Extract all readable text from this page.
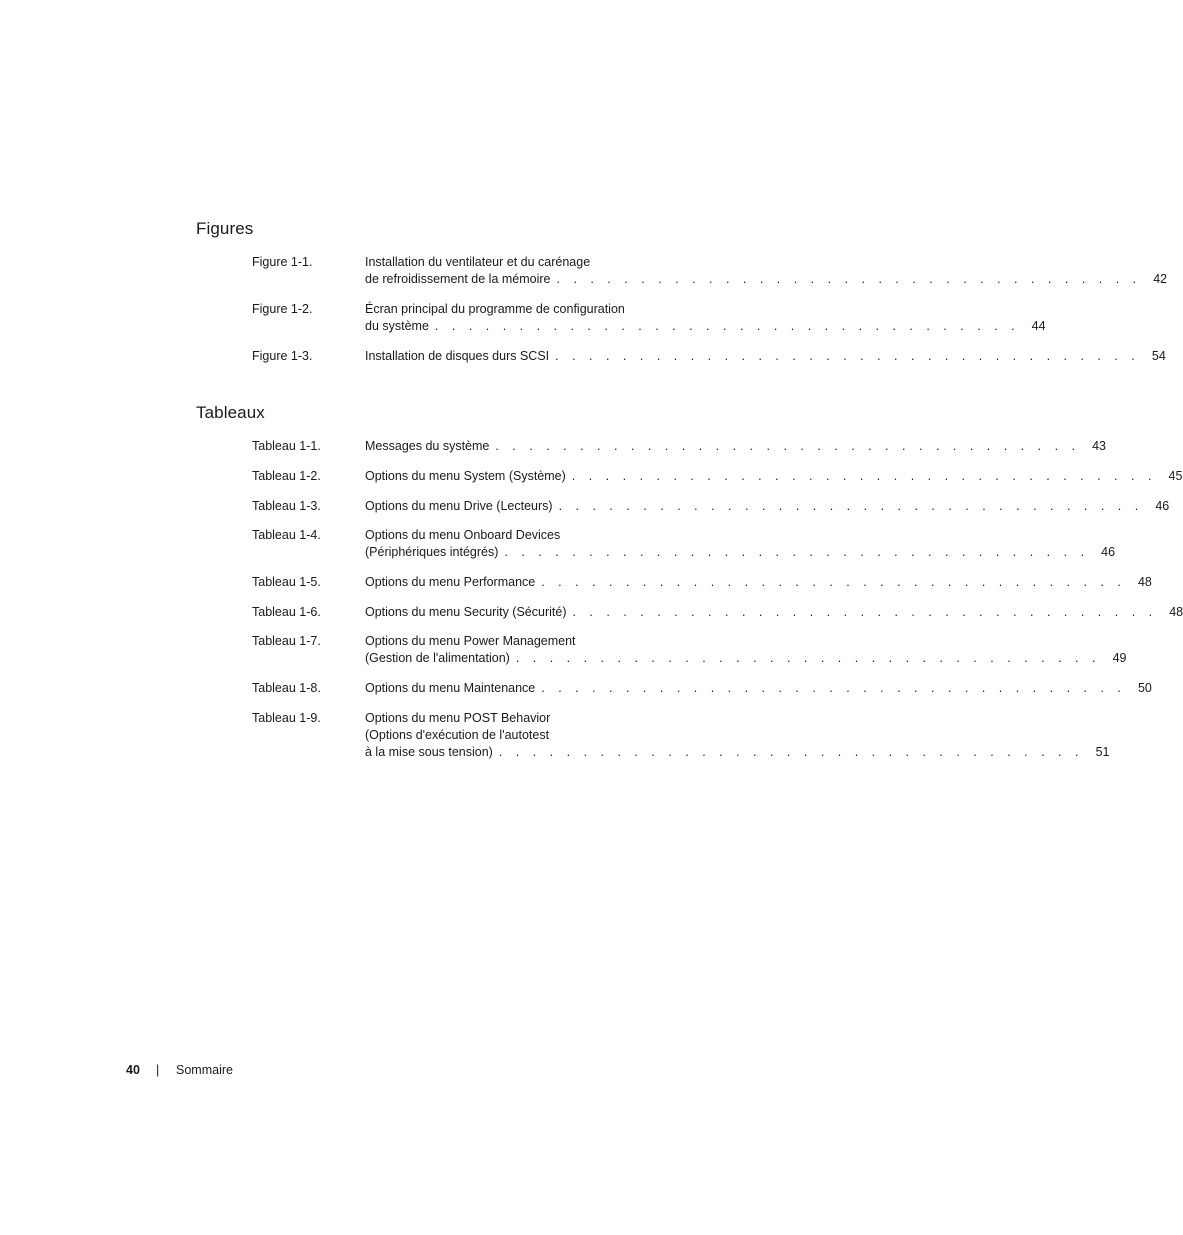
Figures
Figure 1-1.	Installation du ventilateur et du carénage
de refroidissement de la mémoire . . . . . . . . . . . . . . . . . . . . . . . . . . . . . . . . . . . 42
Figure 1-2.	Écran principal du programme de configuration
du système . . . . . . . . . . . . . . . . . . . . . . . . . . . . . . . . . . . 44
Figure 1-3.	Installation de disques durs SCSI . . . . . . . . . . . . . . . . . . . . . . . . . . . . . . . . . . . 54
Tableaux
Tableau 1-1.	Messages du système . . . . . . . . . . . . . . . . . . . . . . . . . . . . . . . . . . . 43
Tableau 1-2.	Options du menu System (Système) . . . . . . . . . . . . . . . . . . . . . . . . . . . . . . . . . . . 45
Tableau 1-3.	Options du menu Drive (Lecteurs) . . . . . . . . . . . . . . . . . . . . . . . . . . . . . . . . . . . 46
Tableau 1-4.	Options du menu Onboard Devices
(Périphériques intégrés) . . . . . . . . . . . . . . . . . . . . . . . . . . . . . . . . . . . 46
Tableau 1-5.	Options du menu Performance . . . . . . . . . . . . . . . . . . . . . . . . . . . . . . . . . . . 48
Tableau 1-6.	Options du menu Security (Sécurité) . . . . . . . . . . . . . . . . . . . . . . . . . . . . . . . . . . . 48
Tableau 1-7.	Options du menu Power Management
(Gestion de l'alimentation) . . . . . . . . . . . . . . . . . . . . . . . . . . . . . . . . . . . 49
Tableau 1-8.	Options du menu Maintenance . . . . . . . . . . . . . . . . . . . . . . . . . . . . . . . . . . . 50
Tableau 1-9.	Options du menu POST Behavior
(Options d'exécution de l'autotest
à la mise sous tension) . . . . . . . . . . . . . . . . . . . . . . . . . . . . . . . . . . . 51
40 | Sommaire
